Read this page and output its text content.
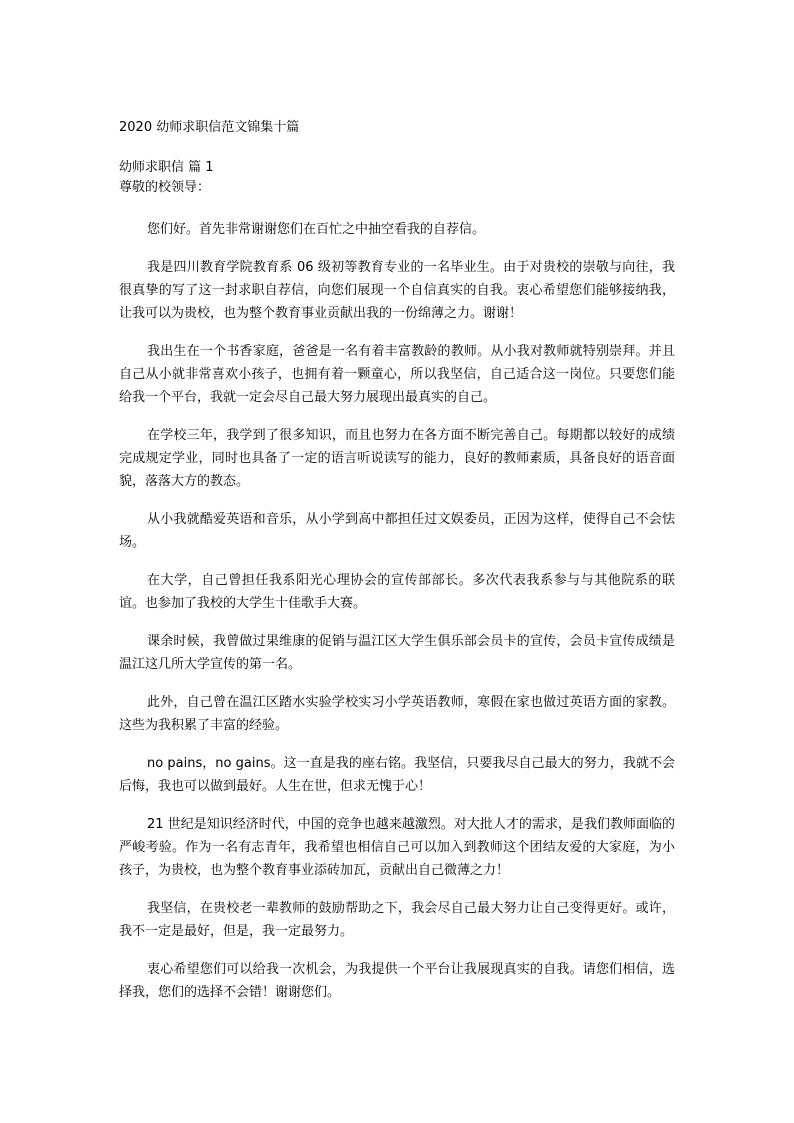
2020 幼师求职信范文锦集十篇
幼师求职信 篇 1

尊敬的校领导：

您们好。首先非常谢谢您们在百忙之中抽空看我的自荐信。

我是四川教育学院教育系 06 级初等教育专业的一名毕业生。由于对贵校的崇敬与向往，我很真挚的写了这一封求职自荐信，向您们展现一个自信真实的自我。衷心希望您们能够接纳我，让我可以为贵校，也为整个教育事业贡献出我的一份绵薄之力。谢谢！

我出生在一个书香家庭，爸爸是一名有着丰富教龄的教师。从小我对教师就特别崇拜。并且自己从小就非常喜欢小孩子，也拥有着一颗童心，所以我坚信，自己适合这一岗位。只要您们能给我一个平台，我就一定会尽自己最大努力展现出最真实的自己。

在学校三年，我学到了很多知识，而且也努力在各方面不断完善自己。每期都以较好的成绩完成规定学业，同时也具备了一定的语言听说读写的能力，良好的教师素质，具备良好的语音面貌，落落大方的教态。

从小我就酷爱英语和音乐，从小学到高中都担任过文娱委员，正因为这样，使得自己不会怯场。

在大学，自己曾担任我系阳光心理协会的宣传部部长。多次代表我系参与与其他院系的联谊。也参加了我校的大学生十佳歌手大赛。

课余时候，我曾做过果维康的促销与温江区大学生俱乐部会员卡的宣传，会员卡宣传成绩是温江这几所大学宣传的第一名。

此外，自己曾在温江区踏水实验学校实习小学英语教师，寒假在家也做过英语方面的家教。这些为我积累了丰富的经验。

no pains，no gains。这一直是我的座右铭。我坚信，只要我尽自己最大的努力，我就不会后悔，我也可以做到最好。人生在世，但求无愧于心！

21 世纪是知识经济时代，中国的竞争也越来越激烈。对大批人才的需求，是我们教师面临的严峻考验。作为一名有志青年，我希望也相信自己可以加入到教师这个团结友爱的大家庭，为小孩子，为贵校，也为整个教育事业添砖加瓦，贡献出自己微薄之力！

我坚信，在贵校老一辈教师的鼓励帮助之下，我会尽自己最大努力让自己变得更好。或许，我不一定是最好，但是，我一定最努力。

衷心希望您们可以给我一次机会，为我提供一个平台让我展现真实的自我。请您们相信，选择我，您们的选择不会错！谢谢您们。
